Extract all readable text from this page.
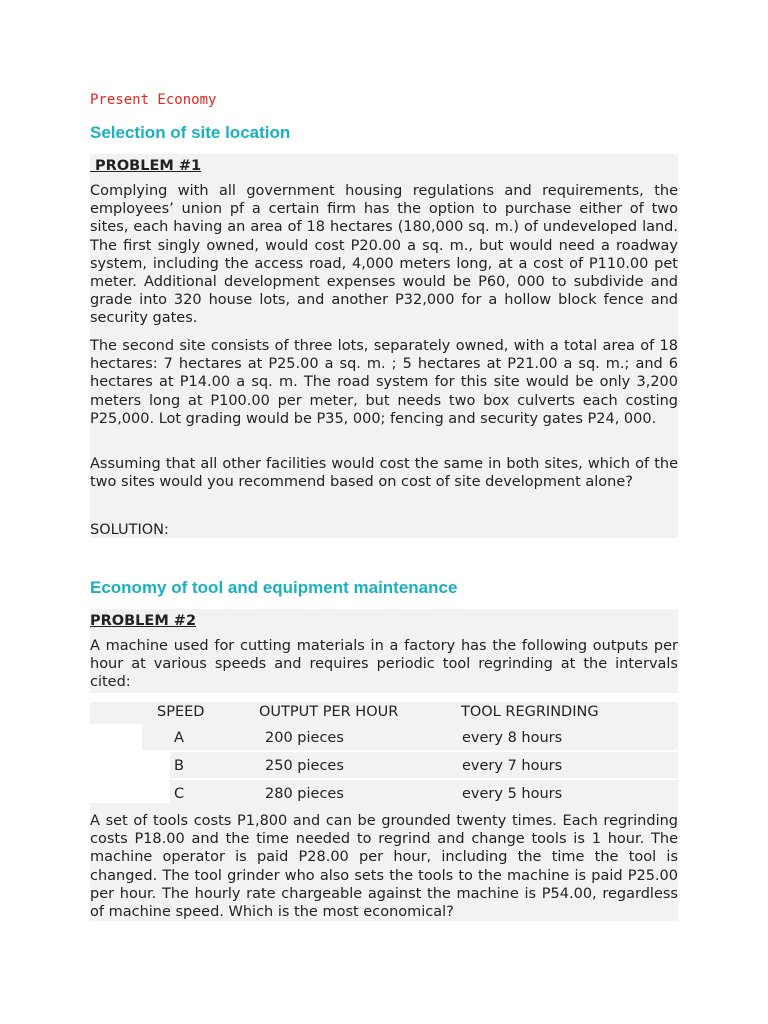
Present Economy
Selection of site location
PROBLEM #1

Complying with all government housing regulations and requirements, the employees’ union pf a certain firm has the option to purchase either of two sites, each having an area of 18 hectares (180,000 sq. m.) of undeveloped land. The first singly owned, would cost P20.00 a sq. m., but would need a roadway system, including the access road, 4,000 meters long, at a cost of P110.00 pet meter. Additional development expenses would be P60, 000 to subdivide and grade into 320 house lots, and another P32,000 for a hollow block fence and security gates.

The second site consists of three lots, separately owned, with a total area of 18 hectares: 7 hectares at P25.00 a sq. m. ; 5 hectares at P21.00 a sq. m.; and 6 hectares at P14.00 a sq. m. The road system for this site would be only 3,200 meters long at P100.00 per meter, but needs two box culverts each costing P25,000. Lot grading would be P35, 000; fencing and security gates P24, 000.

Assuming that all other facilities would cost the same in both sites, which of the two sites would you recommend based on cost of site development alone?

SOLUTION:
Economy of tool and equipment maintenance
PROBLEM #2

A machine used for cutting materials in a factory has the following outputs per hour at various speeds and requires periodic tool regrinding at the intervals cited:

SPEED	OUTPUT PER HOUR	TOOL REGRINDING
A	200 pieces	every 8 hours
B	250 pieces	every 7 hours
C	280 pieces	every 5 hours

A set of tools costs P1,800 and can be grounded twenty times. Each regrinding costs P18.00 and the time needed to regrind and change tools is 1 hour. The machine operator is paid P28.00 per hour, including the time the tool is changed. The tool grinder who also sets the tools to the machine is paid P25.00 per hour. The hourly rate chargeable against the machine is P54.00, regardless of machine speed. Which is the most economical?
